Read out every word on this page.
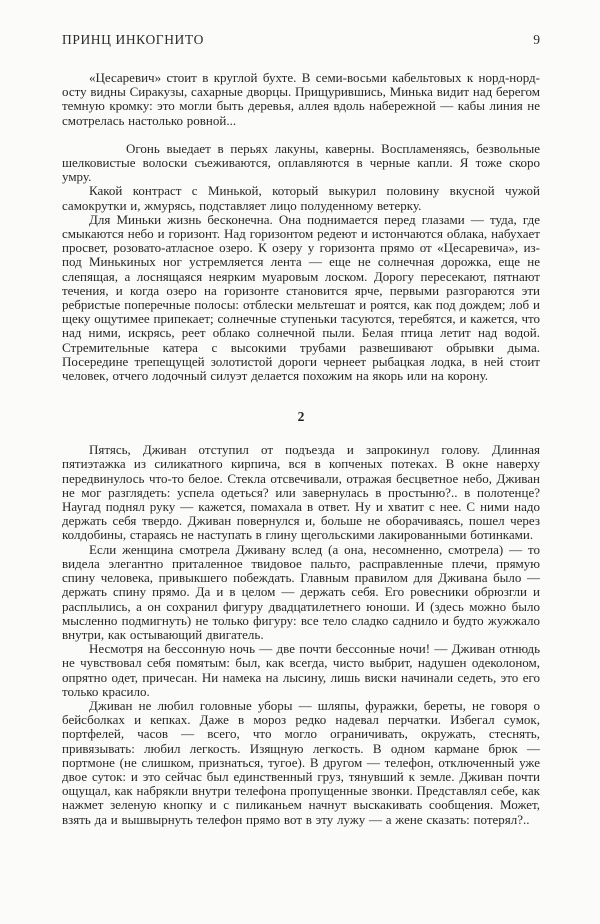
ПРИНЦ ИНКОГНИТО	9

«Цесаревич» стоит в круглой бухте. В семи-восьми кабельтовых к норд-норд-осту видны Сиракузы, сахарные дворцы. Прищурившись, Минька видит над берегом темную кромку: это могли быть деревья, аллея вдоль набережной — кабы линия не смотрелась настолько ровной...

Огонь выедает в перьях лакуны, каверны. Воспламеняясь, безвольные шелковистые волоски съеживаются, оплавляются в черные капли. Я тоже скоро умру.

Какой контраст с Минькой, который выкурил половину вкусной чужой самокрутки и, жмурясь, подставляет лицо полуденному ветерку.

Для Миньки жизнь бесконечна. Она поднимается перед глазами — туда, где смыкаются небо и горизонт. Над горизонтом редеют и истончаются облака, набухает просвет, розовато-атласное озеро. К озеру у горизонта прямо от «Цесаревича», из-под Минькиных ног устремляется лента — еще не солнечная дорожка, еще не слепящая, а лоснящаяся неярким муаровым лоском. Дорогу пересекают, пятнают течения, и когда озеро на горизонте становится ярче, первыми разгораются эти ребристые поперечные полосы: отблески мельтешат и роятся, как под дождем; лоб и щеку ощутимее припекает; солнечные ступеньки тасуются, теребятся, и кажется, что над ними, искрясь, реет облако солнечной пыли. Белая птица летит над водой. Стремительные катера с высокими трубами развешивают обрывки дыма. Посередине трепещущей золотистой дороги чернеет рыбацкая лодка, в ней стоит человек, отчего лодочный силуэт делается похожим на якорь или на корону.

2

Пятясь, Дживан отступил от подъезда и запрокинул голову. Длинная пятиэтажка из силикатного кирпича, вся в копченых потеках. В окне наверху передвинулось что-то белое. Стекла отсвечивали, отражая бесцветное небо, Дживан не мог разглядеть: успела одеться? или завернулась в простыню?.. в полотенце? Наугад поднял руку — кажется, помахала в ответ. Ну и хватит с нее. С ними надо держать себя твердо. Дживан повернулся и, больше не оборачиваясь, пошел через колдобины, стараясь не наступать в глину щегольскими лакированными ботинками.

Если женщина смотрела Дживану вслед (а она, несомненно, смотрела) — то видела элегантно приталенное твидовое пальто, расправленные плечи, прямую спину человека, привыкшего побеждать. Главным правилом для Дживана было — держать спину прямо. Да и в целом — держать себя. Его ровесники обрюзгли и расплылись, а он сохранил фигуру двадцатилетнего юноши. И (здесь можно было мысленно подмигнуть) не только фигуру: все тело сладко саднило и будто жужжало внутри, как остывающий двигатель.

Несмотря на бессонную ночь — две почти бессонные ночи! — Дживан отнюдь не чувствовал себя помятым: был, как всегда, чисто выбрит, надушен одеколоном, опрятно одет, причесан. Ни намека на лысину, лишь виски начинали седеть, это его только красило.

Дживан не любил головные уборы — шляпы, фуражки, береты, не говоря о бейсболках и кепках. Даже в мороз редко надевал перчатки. Избегал сумок, портфелей, часов — всего, что могло ограничивать, окружать, стеснять, привязывать: любил легкость. Изящную легкость. В одном кармане брюк — портмоне (не слишком, признаться, тугое). В другом — телефон, отключенный уже двое суток: и это сейчас был единственный груз, тянувший к земле. Дживан почти ощущал, как набрякли внутри телефона пропущенные звонки. Представлял себе, как нажмет зеленую кнопку и с пиликаньем начнут выскакивать сообщения. Может, взять да и вышвырнуть телефон прямо вот в эту лужу — а жене сказать: потерял?..
